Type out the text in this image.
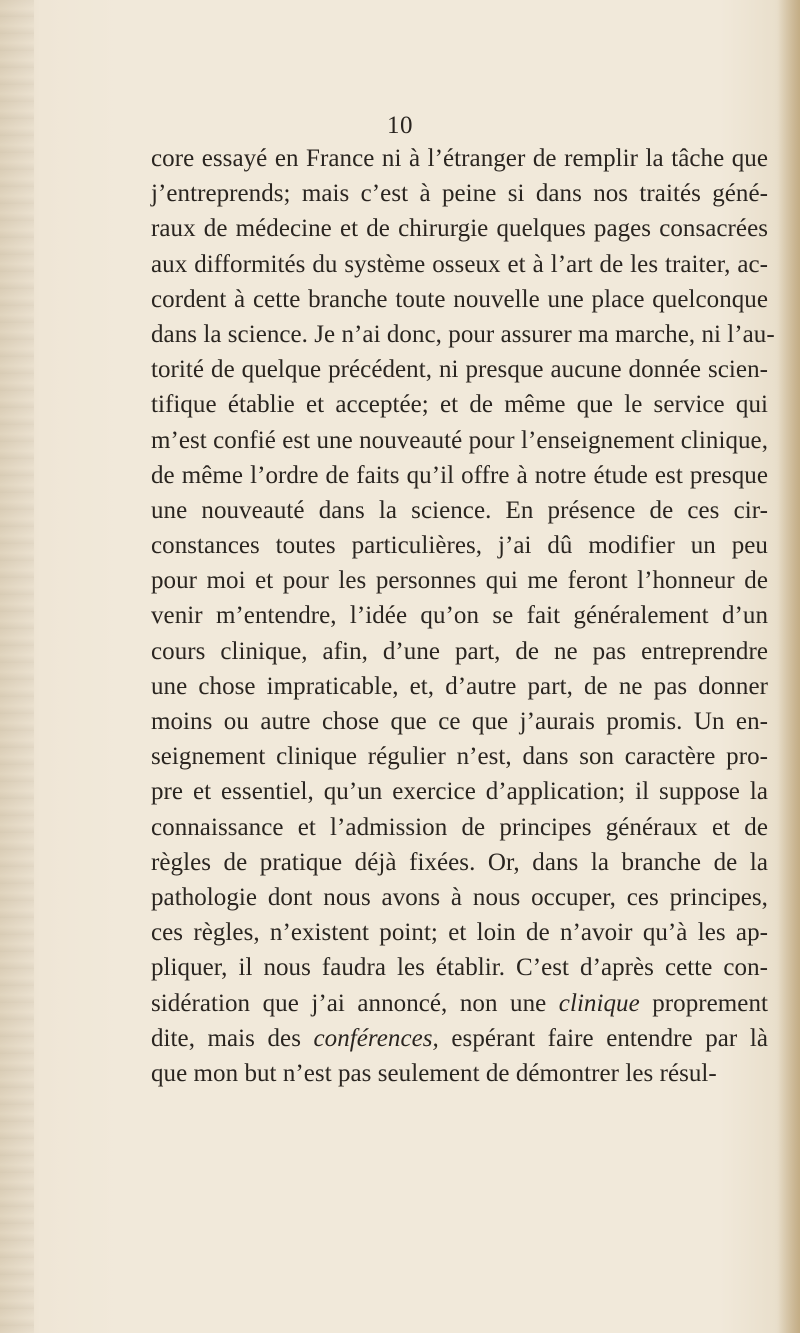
10
core essayé en France ni à l’étranger de remplir la tâche que
j’entreprends; mais c’est à peine si dans nos traités géné-
raux de médecine et de chirurgie quelques pages consacrées
aux difformités du système osseux et à l’art de les traiter, ac-
cordent à cette branche toute nouvelle une place quelconque
dans la science. Je n’ai donc, pour assurer ma marche, ni l’au-
torité de quelque précédent, ni presque aucune donnée scien-
tifique établie et acceptée; et de même que le service qui
m’est confié est une nouveauté pour l’enseignement clinique,
de même l’ordre de faits qu’il offre à notre étude est presque
une nouveauté dans la science. En présence de ces cir-
constances toutes particulières, j’ai dû modifier un peu
pour moi et pour les personnes qui me feront l’honneur de
venir m’entendre, l’idée qu’on se fait généralement d’un
cours clinique, afin, d’une part, de ne pas entreprendre
une chose impraticable, et, d’autre part, de ne pas donner
moins ou autre chose que ce que j’aurais promis. Un en-
seignement clinique régulier n’est, dans son caractère pro-
pre et essentiel, qu’un exercice d’application; il suppose la
connaissance et l’admission de principes généraux et de
règles de pratique déjà fixées. Or, dans la branche de la
pathologie dont nous avons à nous occuper, ces principes,
ces règles, n’existent point; et loin de n’avoir qu’à les ap-
pliquer, il nous faudra les établir. C’est d’après cette con-
sidération que j’ai annoncé, non une clinique proprement
dite, mais des conférences, espérant faire entendre par là
que mon but n’est pas seulement de démontrer les résul-
